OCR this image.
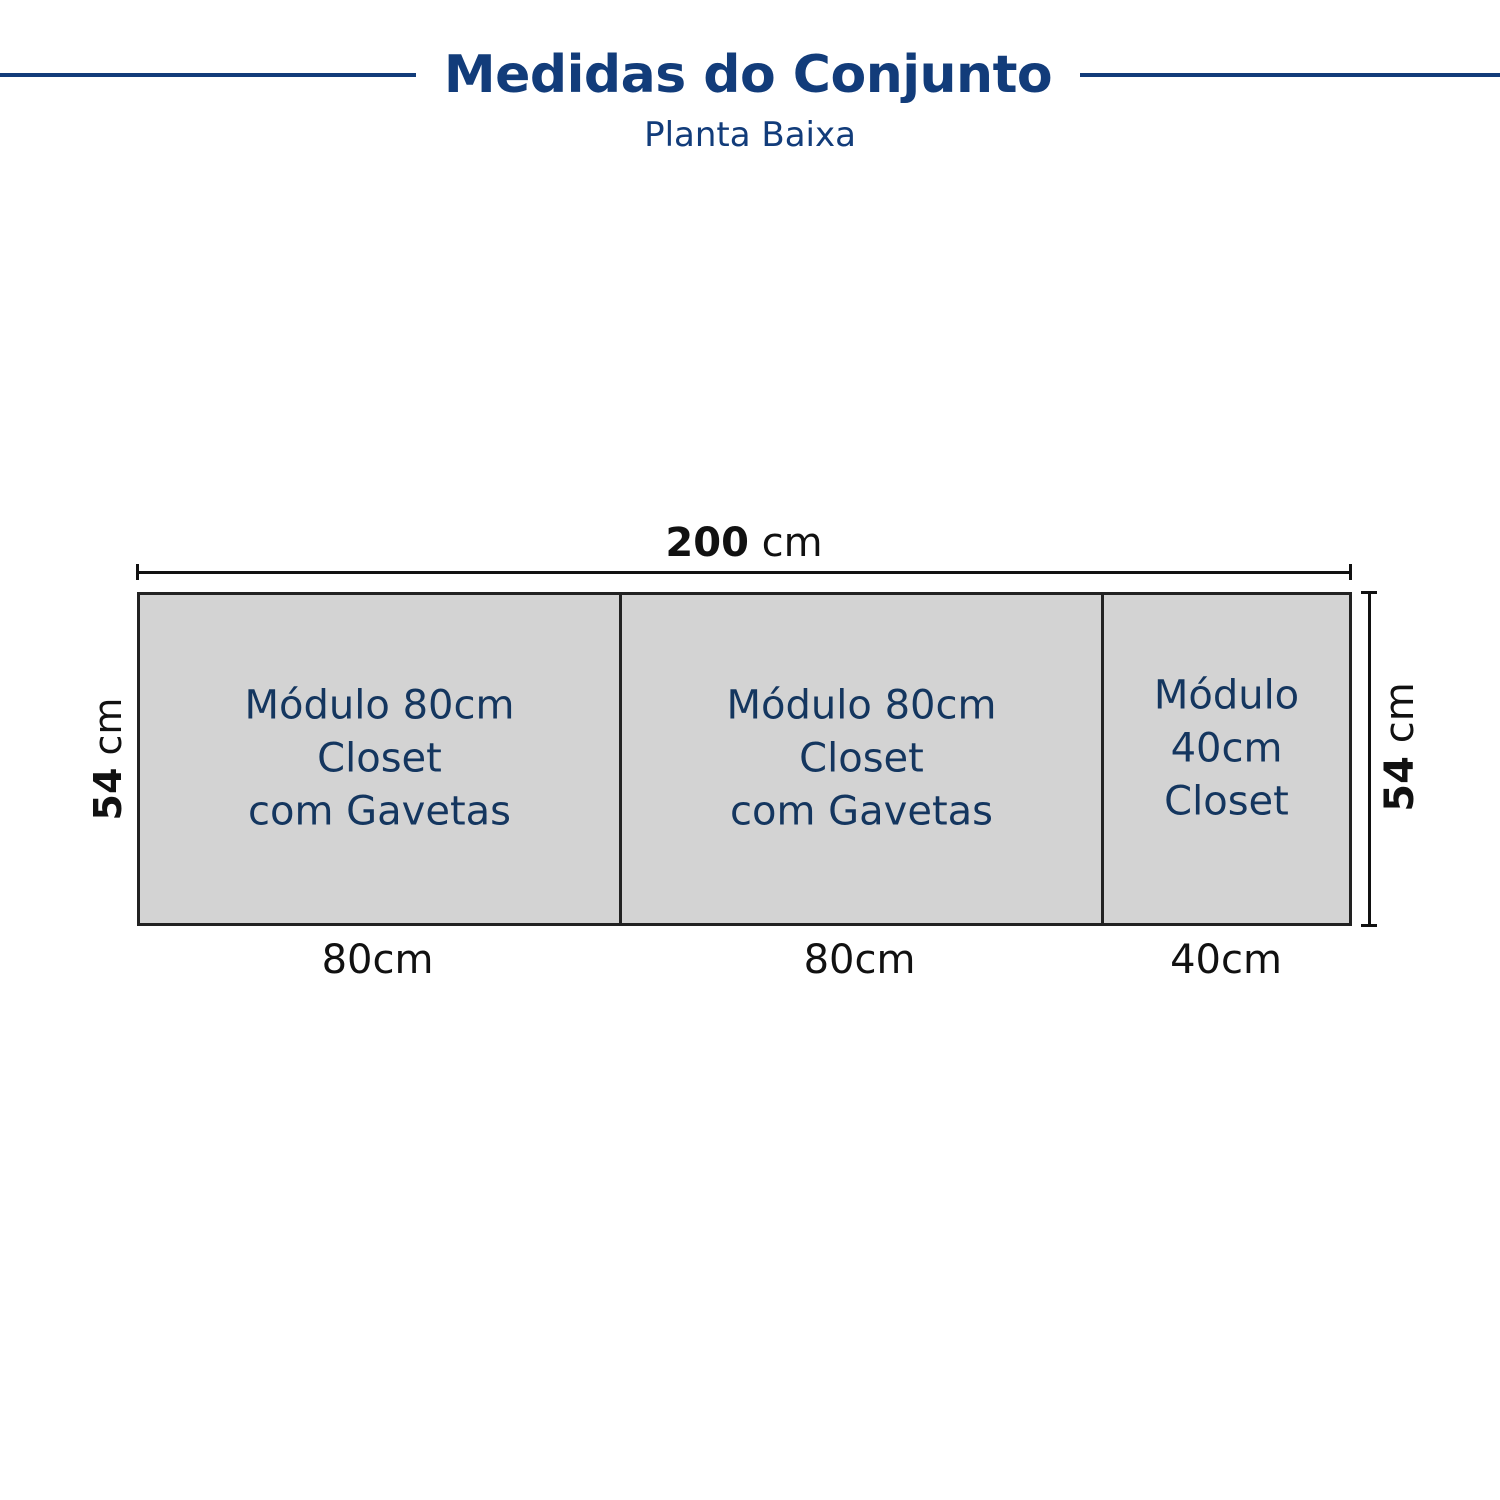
Medidas do Conjunto
Planta Baixa
200 cm
Módulo 80cm
Closet
com Gavetas
Módulo 80cm
Closet
com Gavetas
Módulo
40cm
Closet
80cm	80cm	40cm
54 cm
54 cm
